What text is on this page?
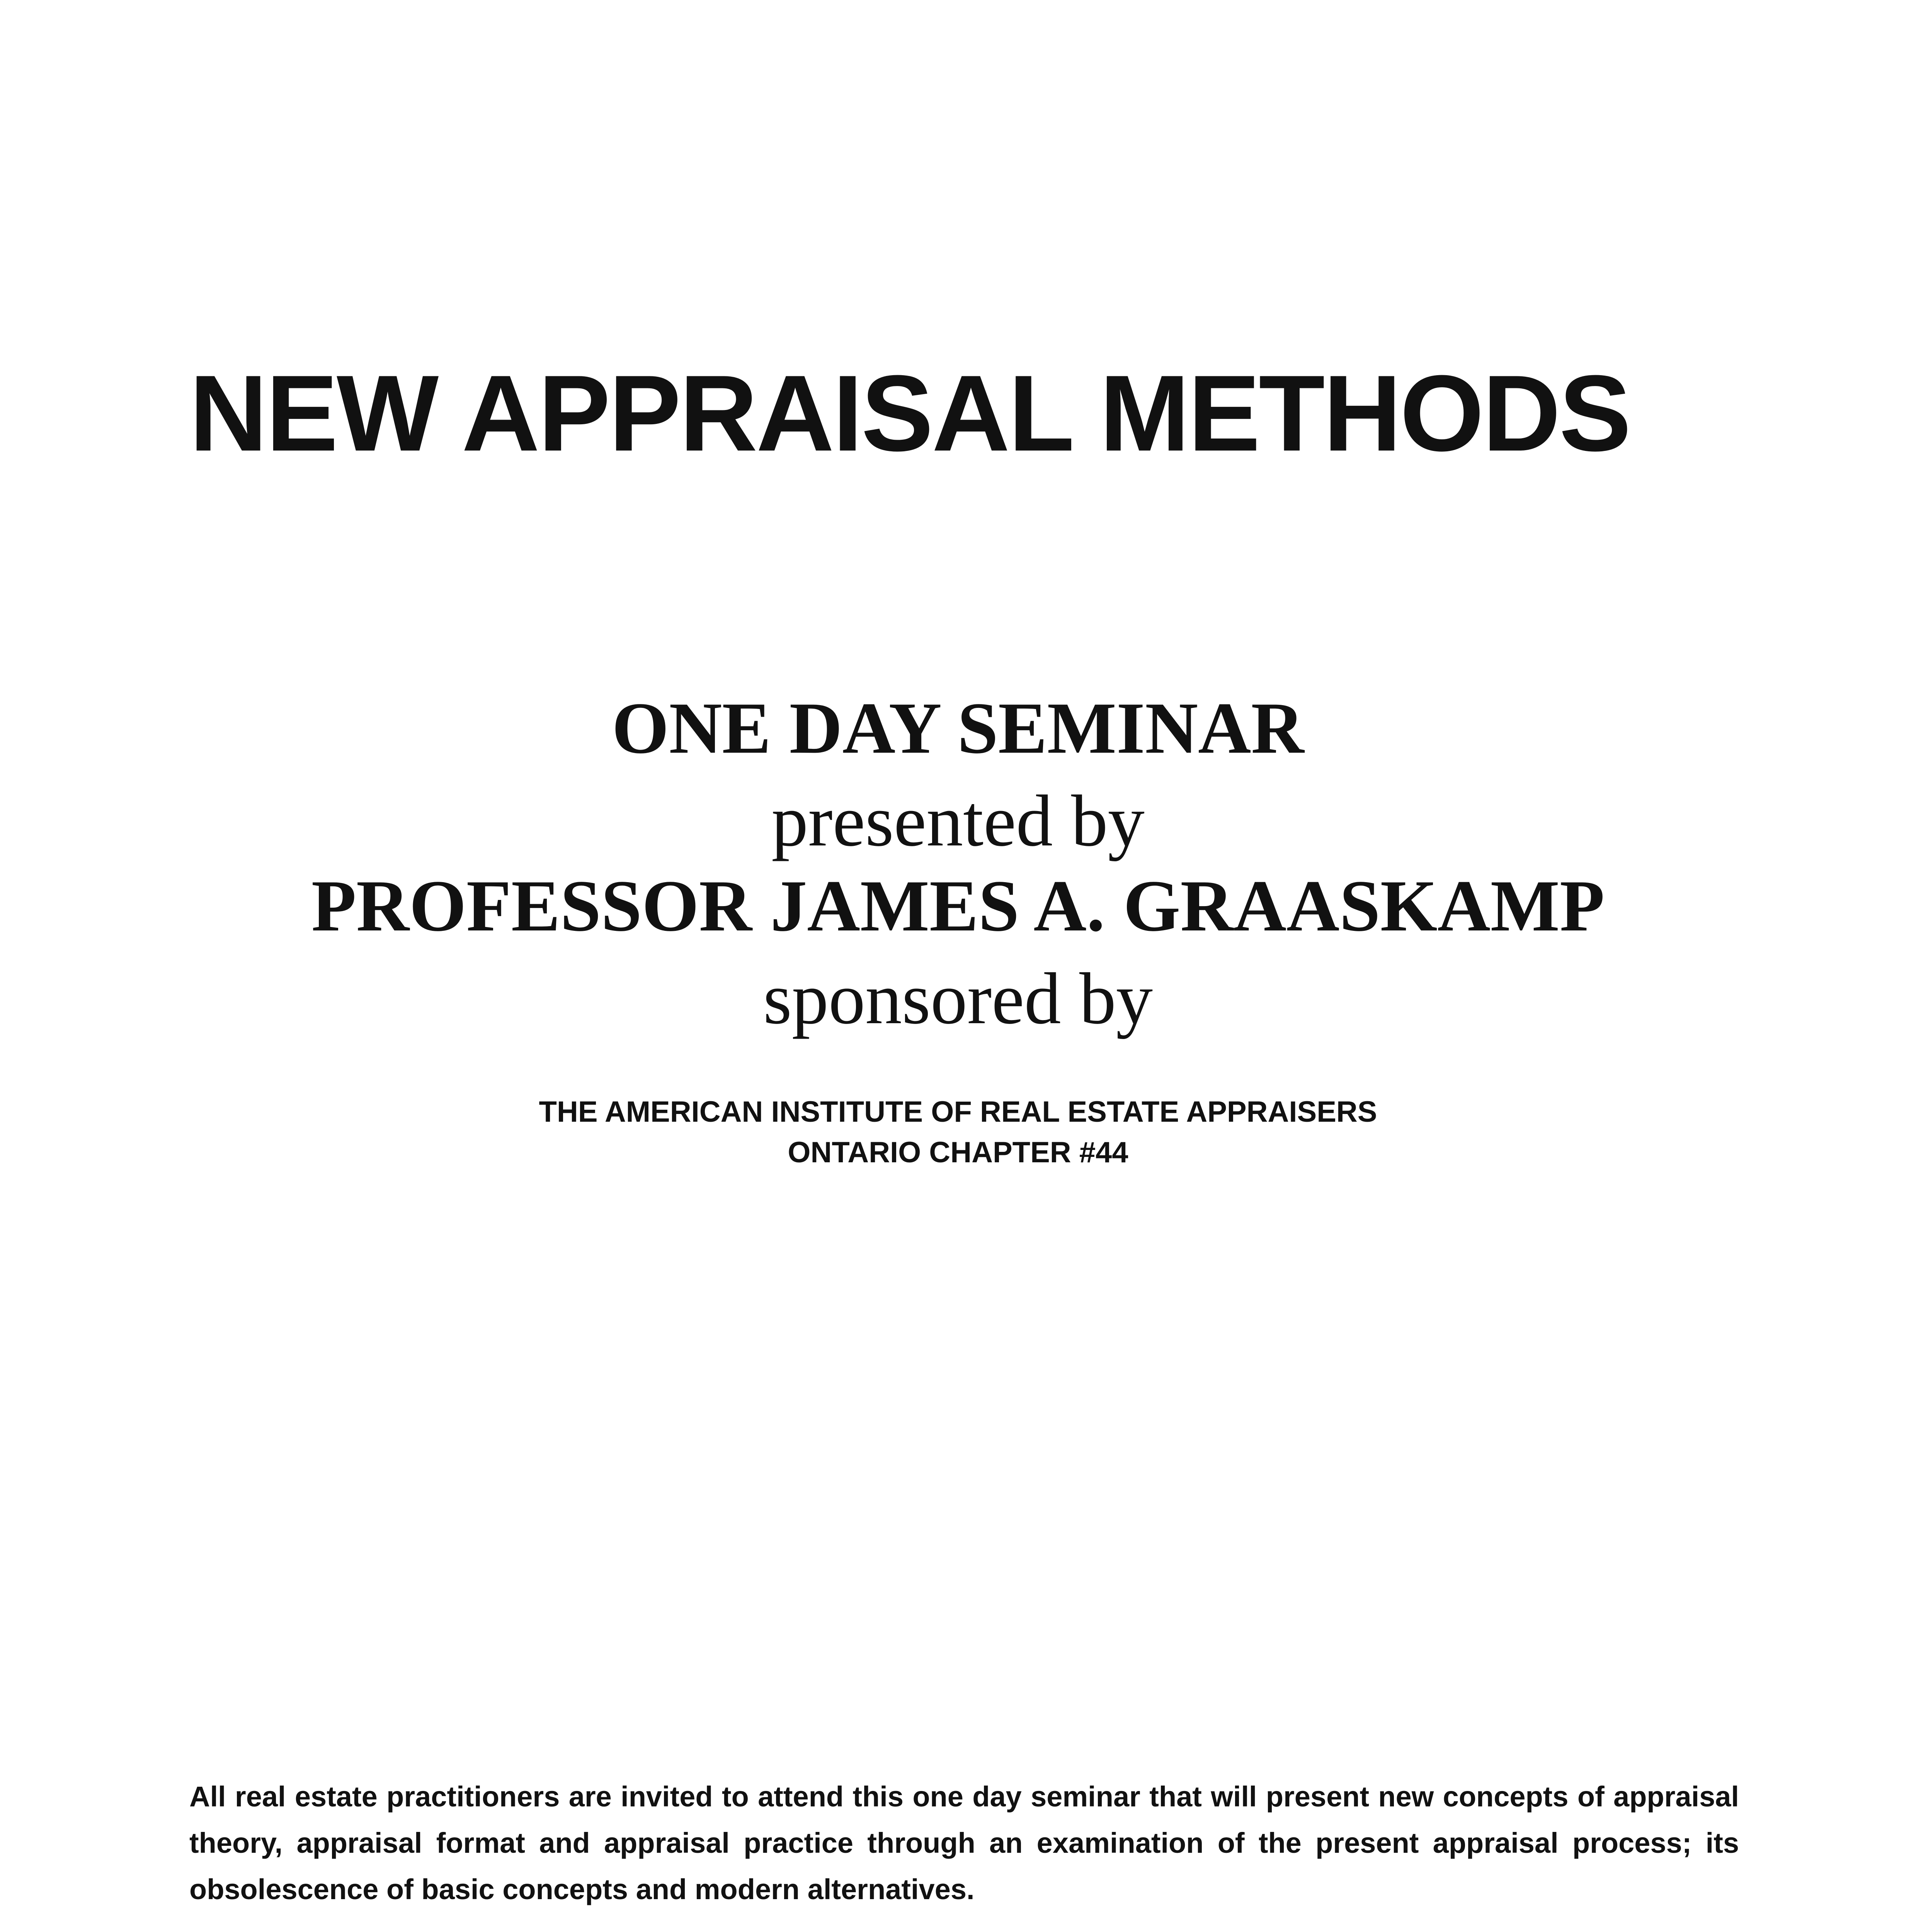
NEW APPRAISAL METHODS
ONE DAY SEMINAR
presented by
PROFESSOR JAMES A. GRAASKAMP
sponsored by
THE AMERICAN INSTITUTE OF REAL ESTATE APPRAISERS
ONTARIO CHAPTER #44
All real estate practitioners are invited to attend this one day seminar that will present new concepts of appraisal theory, appraisal format and appraisal practice through an examination of the present appraisal process; its obsolescence of basic concepts and modern alternatives.
